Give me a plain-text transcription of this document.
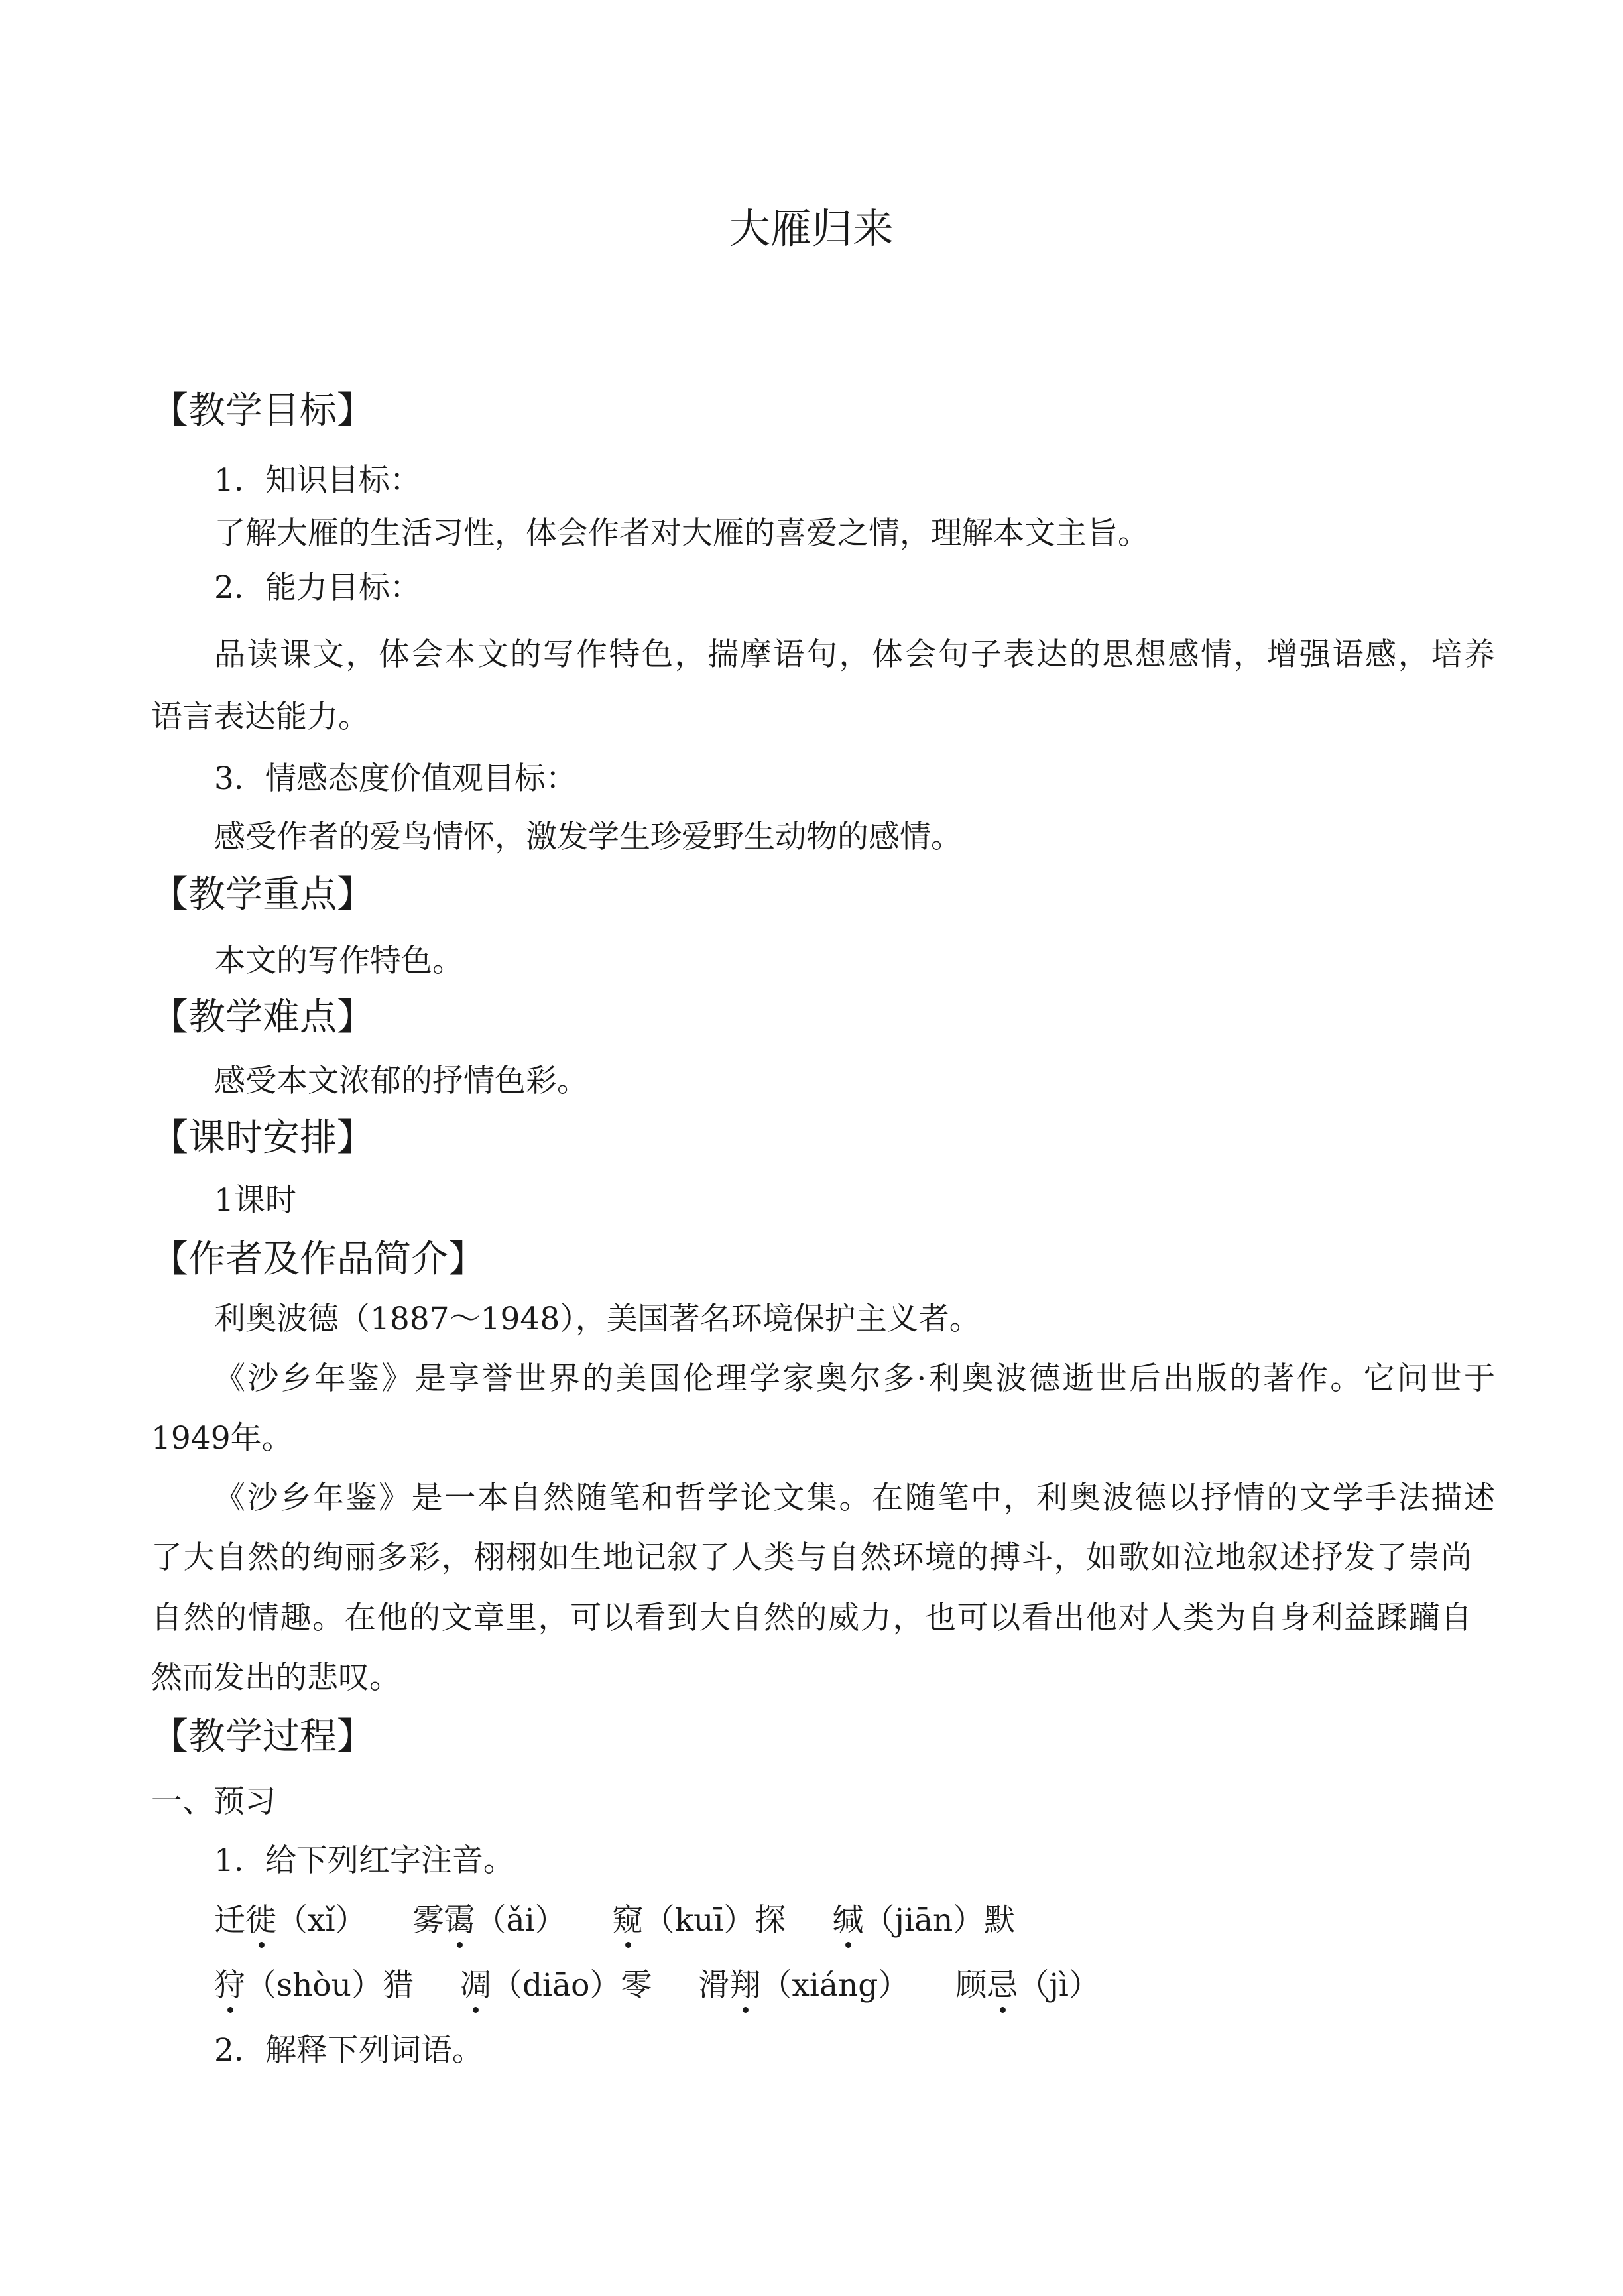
大雁归来
【教学目标】
1．知识目标：
了解大雁的生活习性，体会作者对大雁的喜爱之情，理解本文主旨。
2．能力目标：
品读课文，体会本文的写作特色，揣摩语句，体会句子表达的思想感情，增强语感，培养
语言表达能力。
3．情感态度价值观目标：
感受作者的爱鸟情怀，激发学生珍爱野生动物的感情。
【教学重点】
本文的写作特色。
【教学难点】
感受本文浓郁的抒情色彩。
【课时安排】
1课时
【作者及作品简介】
利奥波德（1887～1948），美国著名环境保护主义者。
《沙乡年鉴》是享誉世界的美国伦理学家奥尔多·利奥波德逝世后出版的著作。它问世于
1949年。
《沙乡年鉴》是一本自然随笔和哲学论文集。在随笔中，利奥波德以抒情的文学手法描述
了大自然的绚丽多彩，栩栩如生地记叙了人类与自然环境的搏斗，如歌如泣地叙述抒发了崇尚
自然的情趣。在他的文章里，可以看到大自然的威力，也可以看出他对人类为自身利益蹂躏自
然而发出的悲叹。
【教学过程】
一、预习
1．给下列红字注音。
迁徙（xǐ） 雾霭（ǎi） 窥（kuī）探 缄（jiān）默
狩（shòu）猎 凋（diāo）零 滑翔（xiáng） 顾忌（jì）
2．解释下列词语。
